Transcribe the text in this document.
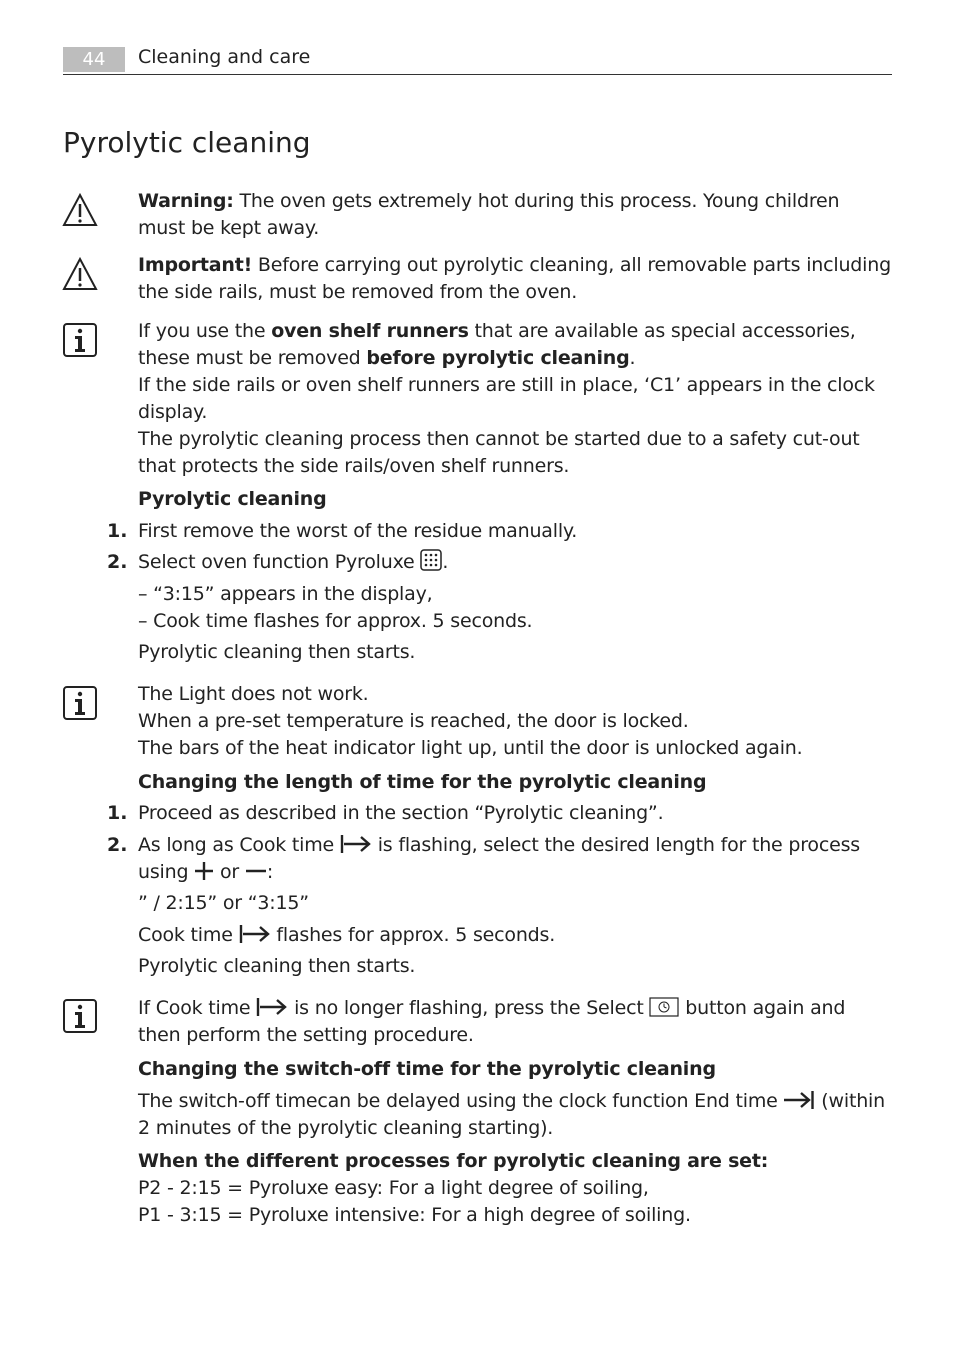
44	Cleaning and care
Pyrolytic cleaning
Warning: The oven gets extremely hot during this process. Young children must be kept away.
Important! Before carrying out pyrolytic cleaning, all removable parts including the side rails, must be removed from the oven.
If you use the oven shelf runners that are available as special accessories, these must be removed before pyrolytic cleaning.
If the side rails or oven shelf runners are still in place, ‘C1’ appears in the clock display.
The pyrolytic cleaning process then cannot be started due to a safety cut-out that protects the side rails/oven shelf runners.
Pyrolytic cleaning
1. First remove the worst of the residue manually.
2. Select oven function Pyroluxe .
– “3:15” appears in the display,
– Cook time flashes for approx. 5 seconds.
Pyrolytic cleaning then starts.
The Light does not work.
When a pre-set temperature is reached, the door is locked.
The bars of the heat indicator light up, until the door is unlocked again.
Changing the length of time for the pyrolytic cleaning
1. Proceed as described in the section “Pyrolytic cleaning”.
2. As long as Cook time  is flashing, select the desired length for the process
using  or :
” / 2:15” or “3:15”
Cook time  flashes for approx. 5 seconds.
Pyrolytic cleaning then starts.
If Cook time  is no longer flashing, press the Select  button again and
then perform the setting procedure.
Changing the switch-off time for the pyrolytic cleaning
The switch-off timecan be delayed using the clock function End time  (within
2 minutes of the pyrolytic cleaning starting).
When the different processes for pyrolytic cleaning are set:
P2 - 2:15 = Pyroluxe easy: For a light degree of soiling,
P1 - 3:15 = Pyroluxe intensive: For a high degree of soiling.
